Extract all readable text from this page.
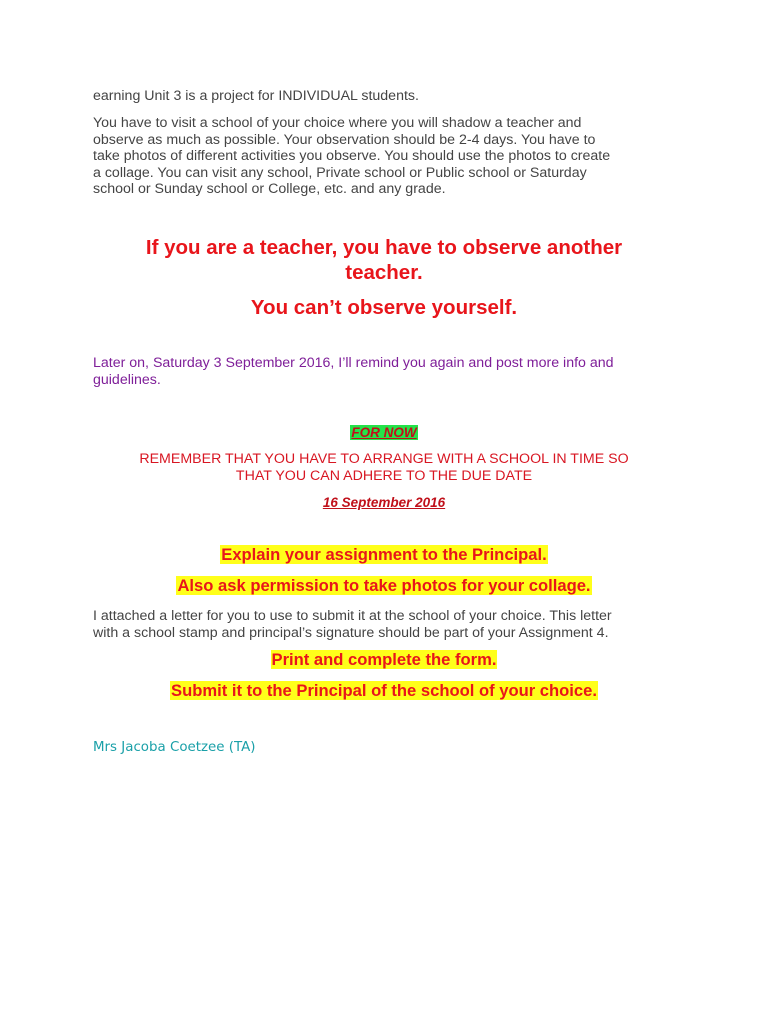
earning Unit 3 is a project for INDIVIDUAL students.

You have to visit a school of your choice where you will shadow a teacher and
observe as much as possible. Your observation should be 2-4 days. You have to
take photos of different activities you observe. You should use the photos to create
a collage. You can visit any school, Private school or Public school or Saturday
school or Sunday school or College, etc. and any grade.
If you are a teacher, you have to observe another
teacher.
You can’t observe yourself.
Later on, Saturday 3 September 2016, I’ll remind you again and post more info and
guidelines.
FOR NOW
REMEMBER THAT YOU HAVE TO ARRANGE WITH A SCHOOL IN TIME SO
THAT YOU CAN ADHERE TO THE DUE DATE
16 September 2016
Explain your assignment to the Principal.
Also ask permission to take photos for your collage.
I attached a letter for you to use to submit it at the school of your choice. This letter
with a school stamp and principal’s signature should be part of your Assignment 4.
Print and complete the form.
Submit it to the Principal of the school of your choice.
Mrs Jacoba Coetzee (TA)
